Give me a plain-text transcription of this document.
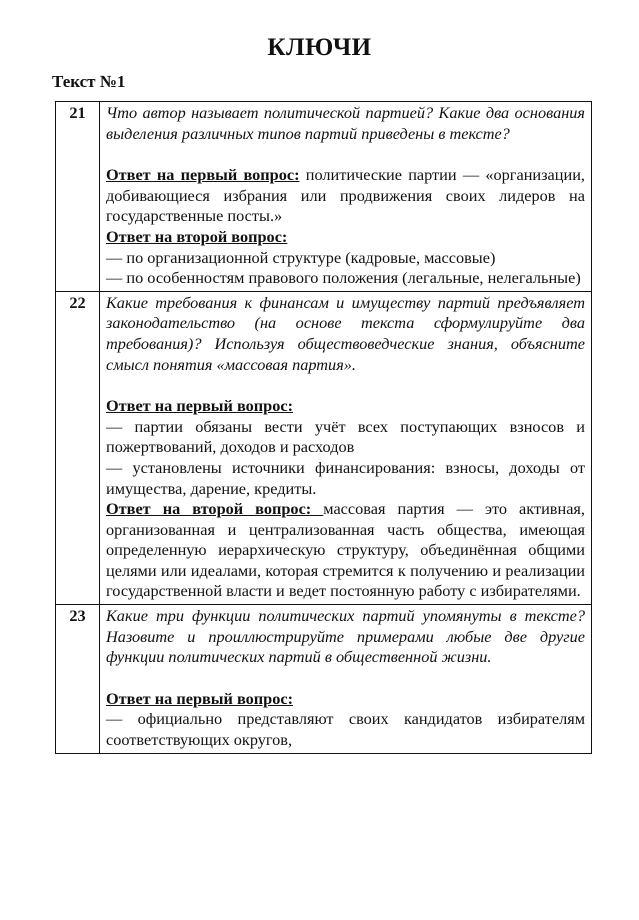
КЛЮЧИ
Текст №1
21	Что автор называет политической партией? Какие два основания выделения различных типов партий приведены в тексте?

Ответ на первый вопрос: политические партии — «организации, добивающиеся избрания или продвижения своих лидеров на государственные посты.»

Ответ на второй вопрос:

— по организационной структуре (кадровые, массовые)

— по особенностям правового положения (легальные, нелегальные)

22	Какие требования к финансам и имуществу партий предъявляет законодательство (на основе текста сформулируйте два требования)? Используя обществоведческие знания, объясните смысл понятия «массовая партия».

Ответ на первый вопрос:

— партии обязаны вести учёт всех поступающих взносов и пожертвований, доходов и расходов

— установлены источники финансирования: взносы, доходы от имущества, дарение, кредиты.

Ответ на второй вопрос: массовая партия — это активная, организованная и централизованная часть общества, имеющая определенную иерархическую структуру, объединённая общими целями или идеалами, которая стремится к получению и реализации государственной власти и ведет постоянную работу с избирателями.

23	Какие три функции политических партий упомянуты в тексте? Назовите и проиллюстрируйте примерами любые две другие функции политических партий в общественной жизни.

Ответ на первый вопрос:

— официально представляют своих кандидатов избирателям соответствующих округов,
